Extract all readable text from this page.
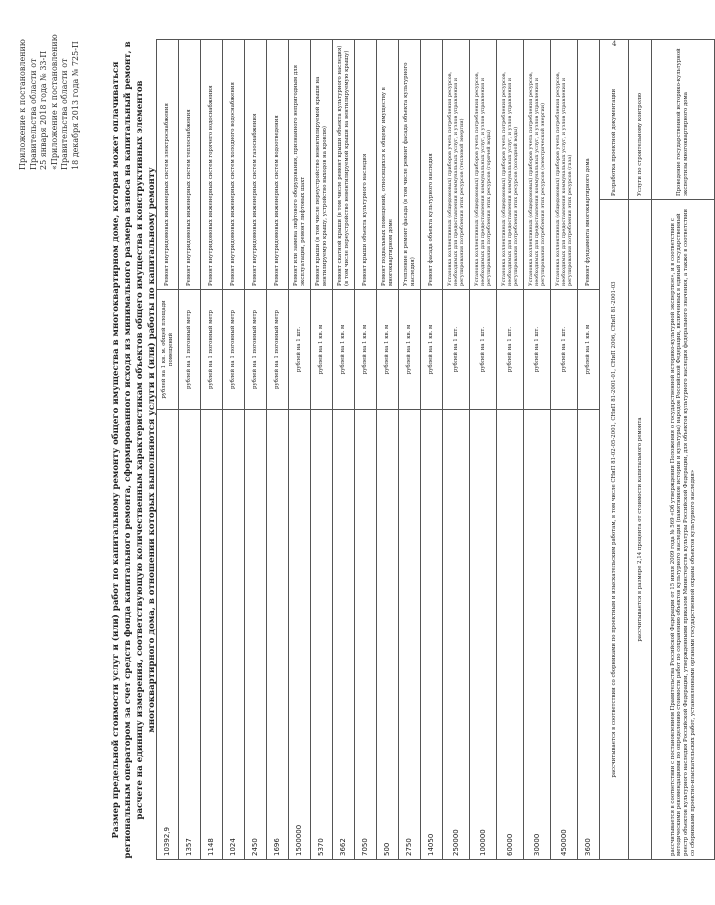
4
Приложение к постановлению Правительства области от 25 января 2018 года № 33-П «Приложение к постановлению Правительства области от 18 декабря 2013 года № 725-П	Размер предельной стоимости услуг и (или) работ по капитальному ремонту общего имущества в многоквартирном доме, которая может оплачиваться региональным оператором за счет средств фонда капитального ремонта, сформированного исходя из минимального размера взноса на капитальный ремонт, в расчете на единицу измерения, соответствующую количественным характеристикам объектов общего имущества и конструктивных элементов многоквартирного дома, в отношении которых выполняются услуги и (или) работы по капитальному ремонту
10392,9	рублей на 1 кв. м. общей площади помещений	Ремонт внутридомовых инженерных систем электроснабжения	
1357	рублей на 1 погонный метр	Ремонт внутридомовых инженерных систем теплоснабжения	
1148	рублей на 1 погонный метр	Ремонт внутридомовых инженерных систем горячего водоснабжения	
1024	рублей на 1 погонный метр	Ремонт внутридомовых инженерных систем холодного водоснабжения	
2450	рублей на 1 погонный метр	Ремонт внутридомовых инженерных систем газоснабжения	
1696	рублей на 1 погонный метр	Ремонт внутридомовых инженерных систем водоотведения	
1500000	рублей на 1 шт.	Ремонт или замена лифтового оборудования, признанного непригодным для эксплуатации, ремонт лифтовых шахт	
5370	рублей на 1 кв. м	Ремонт крыши (в том числе переустройство невентилируемой крыши на вентилируемую крышу, устройство выходов на кровлю)	
3662	рублей на 1 кв. м	Ремонт скатной крыши (в том числе ремонт крыши объекта культурного наследия) (в том числе переустройство невентилируемой крыши на вентилируемую крышу)	
7050	рублей на 1 кв. м	Ремонт крыши объекта культурного наследия	
500	рублей на 1 кв. м	Ремонт подвальных помещений, относящихся к общему имуществу в многоквартирном доме	
2750	рублей на 1 кв. м	Утепление и ремонт фасада (в том числе ремонт фасада объекта культурного наследия)	
14050	рублей на 1 кв. м	Ремонт фасада объекта культурного наследия	
250000	рублей на 1 шт.	Установка коллективных (общедомовых) приборов учета потребления ресурсов, необходимых для предоставления коммунальных услуг, и узлов управления и регулирования потребления этих ресурсов (тепловой энергии)	
100000	рублей на 1 шт.	Установка коллективных (общедомовых) приборов учета потребления ресурсов, необходимых для предоставления коммунальных услуг, и узлов управления и регулирования потребления этих ресурсов (горячей воды)	
60000	рублей на 1 шт.	Установка коллективных (общедомовых) приборов учета потребления ресурсов, необходимых для предоставления коммунальных услуг, и узлов управления и регулирования потребления этих ресурсов (холодной воды)	
30000	рублей на 1 шт.	Установка коллективных (общедомовых) приборов учета потребления ресурсов, необходимых для предоставления коммунальных услуг, и узлов управления и регулирования потребления этих ресурсов (электрической энергии)	
450000	рублей на 1 шт.	Установка коллективных (общедомовых) приборов учета потребления ресурсов, необходимых для предоставления коммунальных услуг, и узлов управления и регулирования потребления этих ресурсов (газа)	
3600	рублей на 1 кв. м	Ремонт фундамента многоквартирного дома	
рассчитывается в соответствии со сборниками по проектным и изыскательским работам, в том числе СНиП 81-02-05-2001, СНиП 81-2001-01, СНиП 2006, СНиП 81-2001-03			Разработка проектной документации
рассчитывается в размере 2,14 процента от стоимости капитального ремонта			Услуги по строительному контролю
рассчитывается в соответствии с постановлением Правительства Российской Федерации от 15 июля 2009 года № 569 «Об утверждении Положения о государственной историко-культурной экспертизе», и в соответствии с методическими рекомендациями по определению стоимости работ по сохранению объектов культурного наследия (памятников истории и культуры) народов Российской Федерации, включенных в единый государственный реестр объектов культурного наследия Российской Федерации, утвержденными приказом Министерства культуры Российской Федерации, для объектов культурного наследия федерального значения, а также в соответствии со сборниками проектно-изыскательских работ, установленными органами государственной охраны объектов культурного наследия»			Проведение государственной историко-культурной экспертизы многоквартирного дома
